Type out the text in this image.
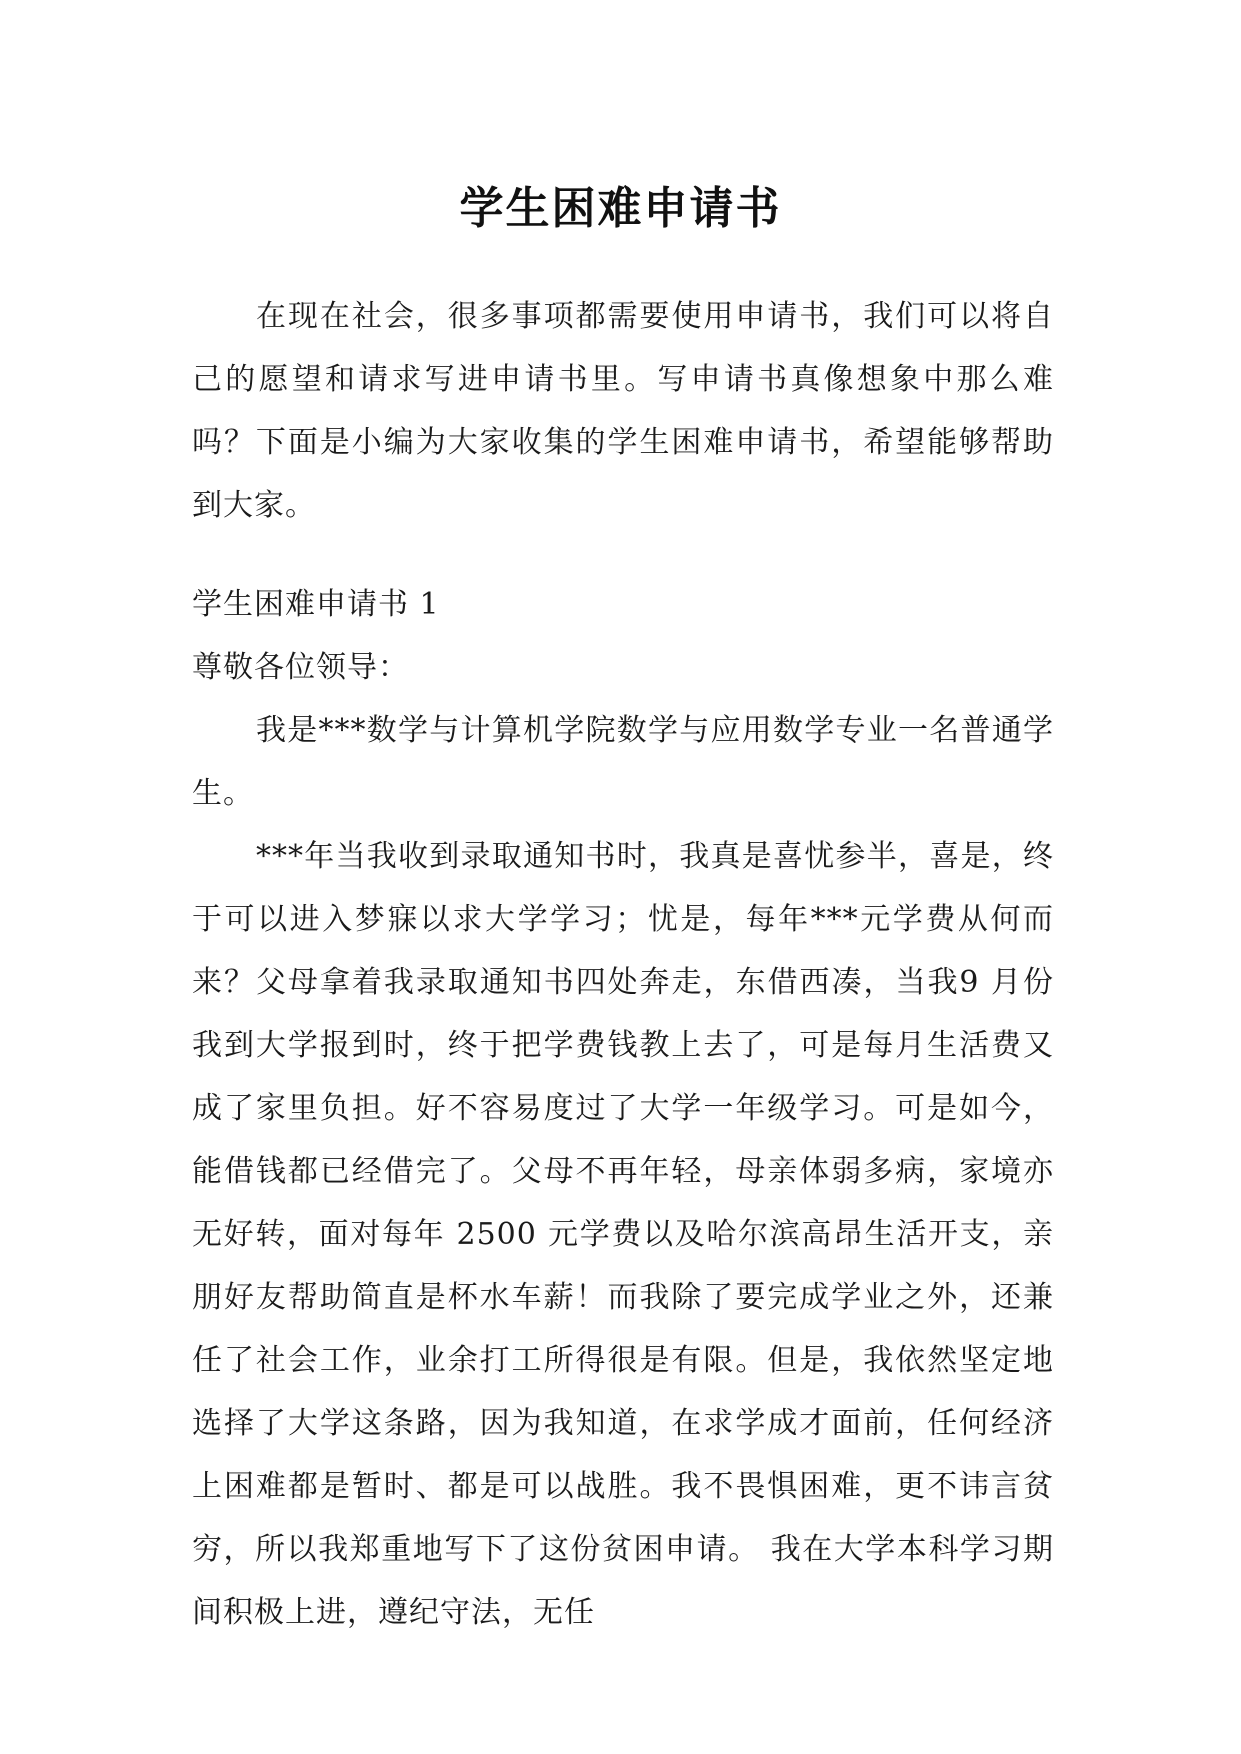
学生困难申请书

在现在社会，很多事项都需要使用申请书，我们可以将自己的愿望和请求写进申请书里。写申请书真像想象中那么难吗？下面是小编为大家收集的学生困难申请书，希望能够帮助到大家。

学生困难申请书 1

尊敬各位领导：

我是***数学与计算机学院数学与应用数学专业一名普通学生。

***年当我收到录取通知书时，我真是喜忧参半，喜是，终于可以进入梦寐以求大学学习；忧是，每年***元学费从何而来？父母拿着我录取通知书四处奔走，东借西凑，当我9 月份我到大学报到时，终于把学费钱教上去了，可是每月生活费又成了家里负担。好不容易度过了大学一年级学习。可是如今，能借钱都已经借完了。父母不再年轻，母亲体弱多病，家境亦无好转，面对每年 2500 元学费以及哈尔滨高昂生活开支，亲朋好友帮助简直是杯水车薪！而我除了要完成学业之外，还兼任了社会工作，业余打工所得很是有限。但是，我依然坚定地选择了大学这条路，因为我知道，在求学成才面前，任何经济上困难都是暂时、都是可以战胜。我不畏惧困难，更不讳言贫穷，所以我郑重地写下了这份贫困申请。 我在大学本科学习期间积极上进，遵纪守法，无任
